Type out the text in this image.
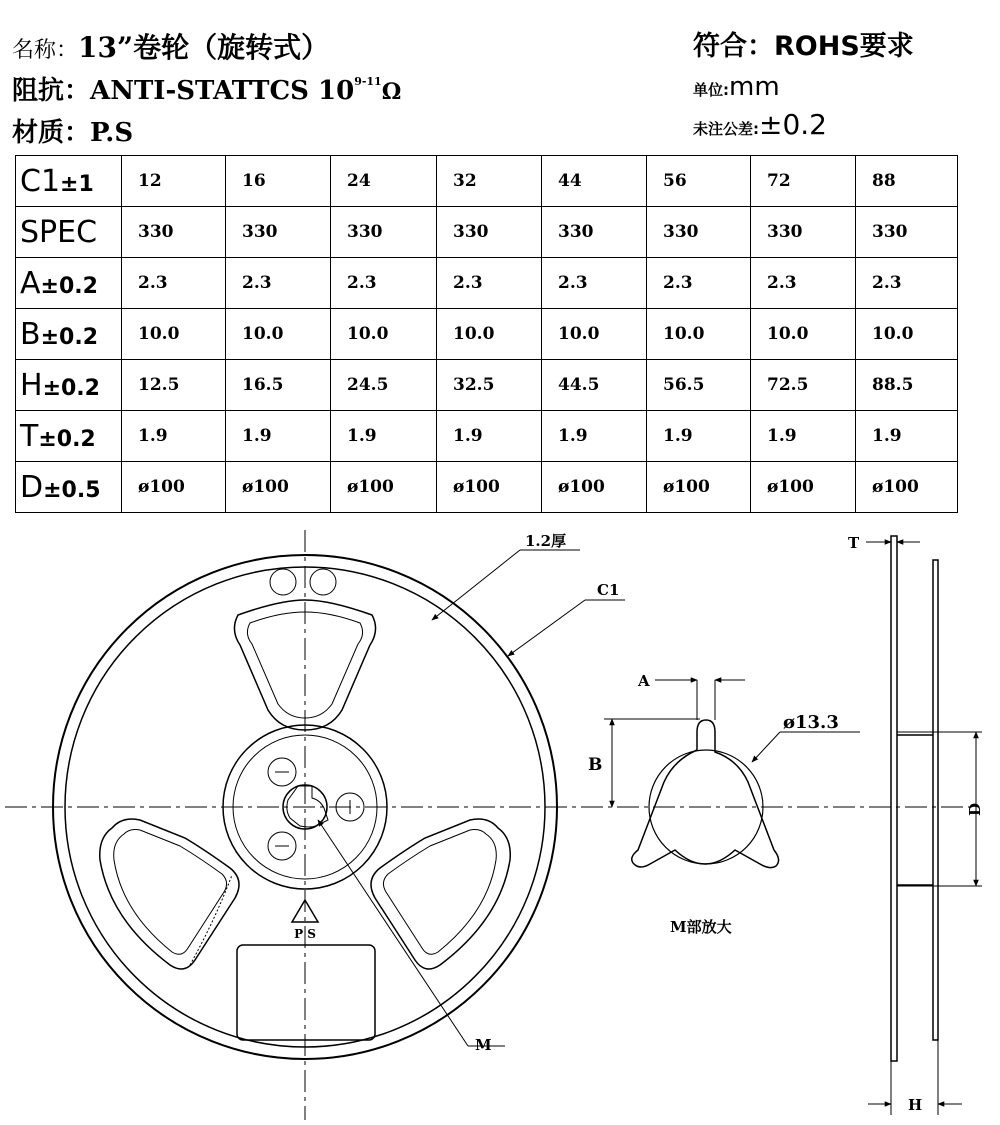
名称：13”卷轮（旋转式）
阻抗：ANTI-STATTCS 10$^{9-11}$Ω
材质：P.S
符合：ROHS要求
单位:mm
未注公差:±0.2
C1±1	12	16	24	32	44	56	72	88
SPEC	330	330	330	330	330	330	330	330
A±0.2	2.3	2.3	2.3	2.3	2.3	2.3	2.3	2.3
B±0.2	10.0	10.0	10.0	10.0	10.0	10.0	10.0	10.0
H±0.2	12.5	16.5	24.5	32.5	44.5	56.5	72.5	88.5
T±0.2	1.9	1.9	1.9	1.9	1.9	1.9	1.9	1.9
D±0.5	ø100	ø100	ø100	ø100	ø100	ø100	ø100	ø100
P S
1.2厚
C1
M
A
B
ø13.3
M部放大
T
D
H
